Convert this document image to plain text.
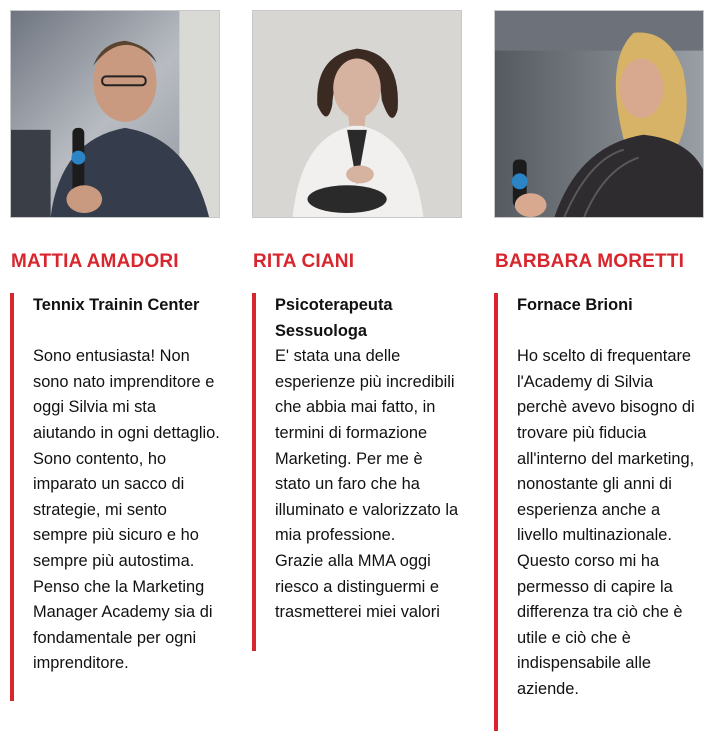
MATTIA AMADORI

Tennix Trainin Center

Sono entusiasta! Non sono nato imprenditore e oggi Silvia mi sta aiutando in ogni dettaglio. Sono contento, ho imparato un sacco di strategie, mi sento sempre più sicuro e ho sempre più autostima. Penso che la Marketing Manager Academy sia di fondamentale per ogni imprenditore.

RITA CIANI

Psicoterapeuta Sessuologa

E' stata una delle esperienze più incredibili che abbia mai fatto, in termini di formazione Marketing. Per me è stato un faro che ha illuminato e valorizzato la mia professione.

Grazie alla MMA oggi riesco a distinguermi e trasmetterei miei valori

BARBARA MORETTI

Fornace Brioni

Ho scelto di frequentare l'Academy di Silvia perchè avevo bisogno di trovare più fiducia all'interno del marketing, nonostante gli anni di esperienza anche a livello multinazionale.

Questo corso mi ha permesso di capire la differenza tra ciò che è utile e ciò che è indispensabile alle aziende.
